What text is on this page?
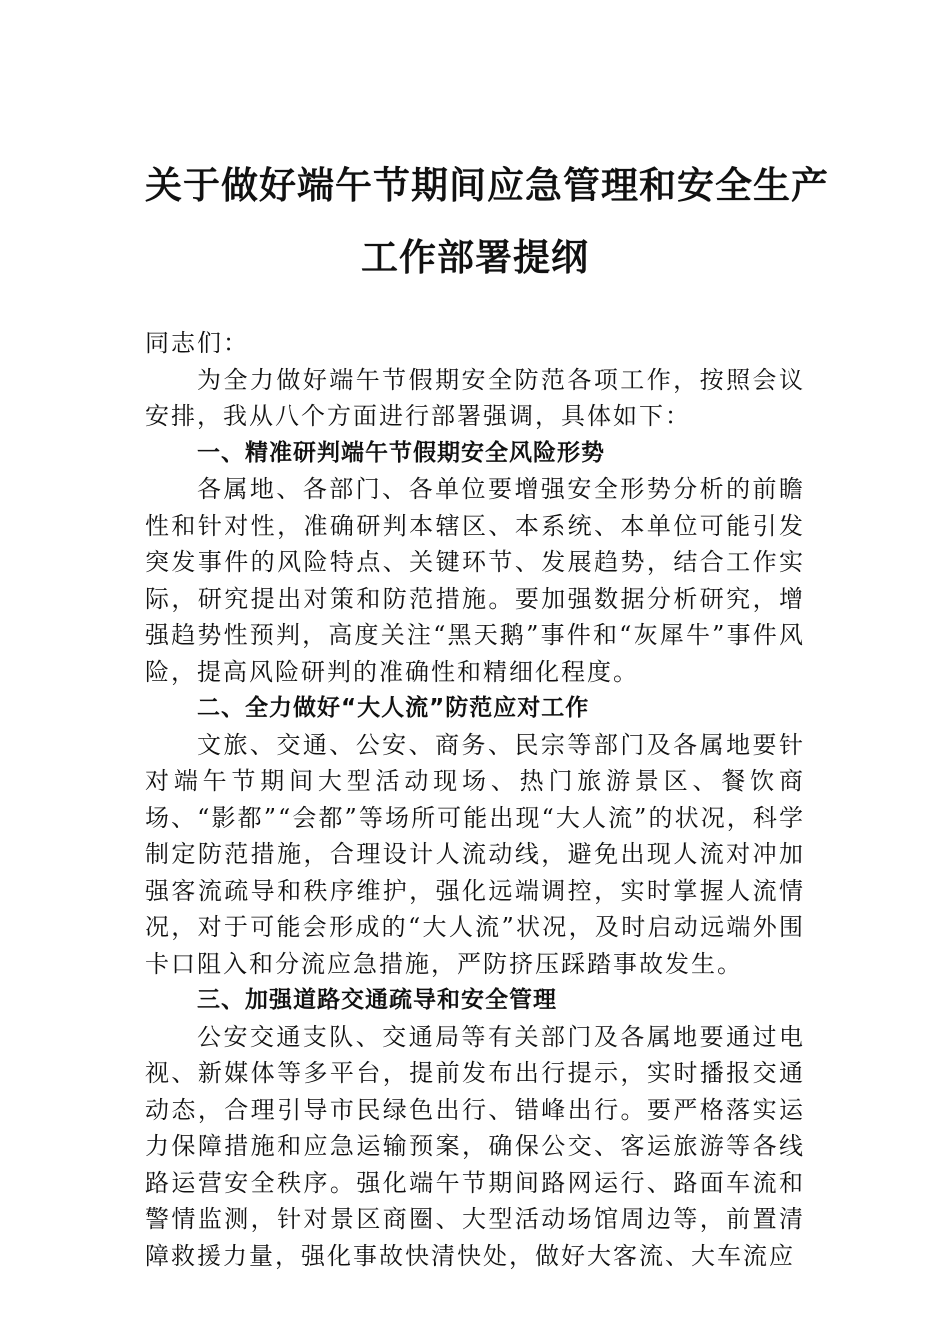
关于做好端午节期间应急管理和安全生产
工作部署提纲

同志们：

为全力做好端午节假期安全防范各项工作，按照会议安排，我从八个方面进行部署强调，具体如下：

一、精准研判端午节假期安全风险形势

各属地、各部门、各单位要增强安全形势分析的前瞻性和针对性，准确研判本辖区、本系统、本单位可能引发突发事件的风险特点、关键环节、发展趋势，结合工作实际，研究提出对策和防范措施。要加强数据分析研究，增强趋势性预判，高度关注“黑天鹅”事件和“灰犀牛”事件风险，提高风险研判的准确性和精细化程度。

二、全力做好“大人流”防范应对工作

文旅、交通、公安、商务、民宗等部门及各属地要针对端午节期间大型活动现场、热门旅游景区、餐饮商场、“影都”“会都”等场所可能出现“大人流”的状况，科学制定防范措施，合理设计人流动线，避免出现人流对冲加强客流疏导和秩序维护，强化远端调控，实时掌握人流情况，对于可能会形成的“大人流”状况，及时启动远端外围卡口阻入和分流应急措施，严防挤压踩踏事故发生。

三、加强道路交通疏导和安全管理

公安交通支队、交通局等有关部门及各属地要通过电视、新媒体等多平台，提前发布出行提示，实时播报交通动态，合理引导市民绿色出行、错峰出行。要严格落实运力保障措施和应急运输预案，确保公交、客运旅游等各线路运营安全秩序。强化端午节期间路网运行、路面车流和警情监测，针对景区商圈、大型活动场馆周边等，前置清障救援力量，强化事故快清快处，做好大客流、大车流应
